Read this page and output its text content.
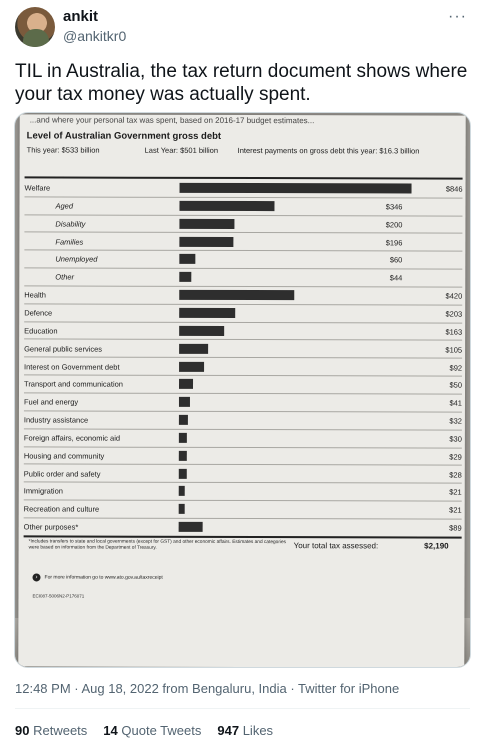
ankit
@ankitkr0
···
TIL in Australia, the tax return document shows where your tax money was actually spent.
...and where your personal tax was spent, based on 2016-17 budget estimates...
Level of Australian Government gross debt
This year: $533 billion	Last Year: $501 billion	Interest payments on gross debt this year: $16.3 billion
Welfare	$846
Aged	$346
Disability	$200
Families	$196
Unemployed	$60
Other	$44
Health	$420
Defence	$203
Education	$163
General public services	$105
Interest on Government debt	$92
Transport and communication	$50
Fuel and energy	$41
Industry assistance	$32
Foreign affairs, economic aid	$30
Housing and community	$29
Public order and safety	$28
Immigration	$21
Recreation and culture	$21
Other purposes*	$89
*Includes transfers to state and local governments (except for GST) and other economic affairs. Estimates and categories were based on information from the Department of Treasury.	Your total tax assessed:	$2,190
›	For more information go to www.ato.gov.au/taxreceipt
ECI087-5006N2-P176071
12:48 PM · Aug 18, 2022 from Bengaluru, India · Twitter for iPhone
90 Retweets 14 Quote Tweets 947 Likes
